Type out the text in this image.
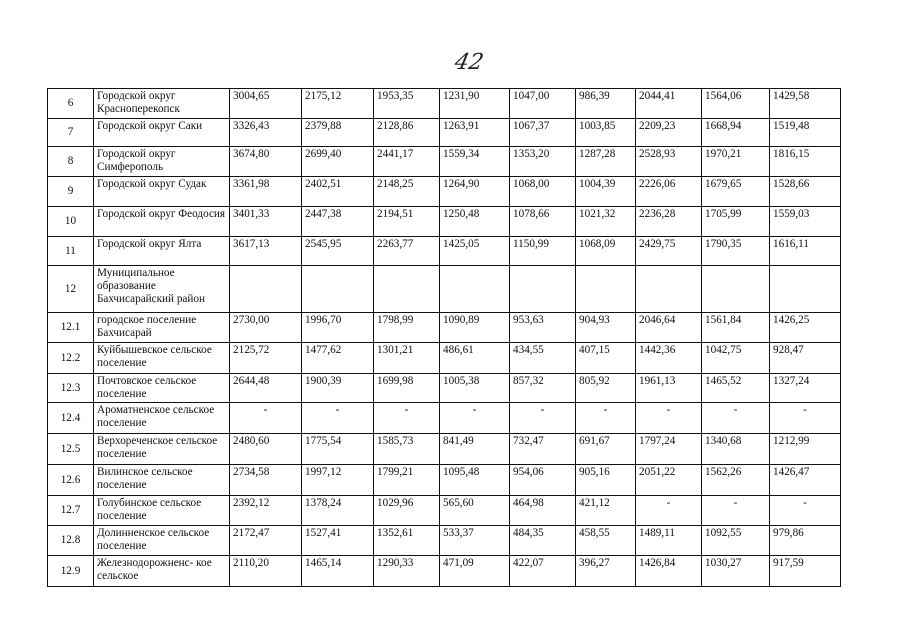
42
6	Городской округ Красноперекопск	3004,65	2175,12	1953,35	1231,90	1047,00	986,39	2044,41	1564,06	1429,58
7	Городской округ Саки	3326,43	2379,88	2128,86	1263,91	1067,37	1003,85	2209,23	1668,94	1519,48
8	Городской округ Симферополь	3674,80	2699,40	2441,17	1559,34	1353,20	1287,28	2528,93	1970,21	1816,15
9	Городской округ Судак	3361,98	2402,51	2148,25	1264,90	1068,00	1004,39	2226,06	1679,65	1528,66
10	Городской округ Феодосия	3401,33	2447,38	2194,51	1250,48	1078,66	1021,32	2236,28	1705,99	1559,03
11	Городской округ Ялта	3617,13	2545,95	2263,77	1425,05	1150,99	1068,09	2429,75	1790,35	1616,11
12	Муниципальное образование Бахчисарайский район									
12.1	городское поселение Бахчисарай	2730,00	1996,70	1798,99	1090,89	953,63	904,93	2046,64	1561,84	1426,25
12.2	Куйбышевское сельское поселение	2125,72	1477,62	1301,21	486,61	434,55	407,15	1442,36	1042,75	928,47
12.3	Почтовское сельское поселение	2644,48	1900,39	1699,98	1005,38	857,32	805,92	1961,13	1465,52	1327,24
12.4	Ароматненское сельское поселение	-	-	-	-	-	-	-	-	-
12.5	Верхореченское сельское поселение	2480,60	1775,54	1585,73	841,49	732,47	691,67	1797,24	1340,68	1212,99
12.6	Вилинское сельское поселение	2734,58	1997,12	1799,21	1095,48	954,06	905,16	2051,22	1562,26	1426,47
12.7	Голубинское сельское поселение	2392,12	1378,24	1029,96	565,60	464,98	421,12	-	-	-
12.8	Долинненское сельское поселение	2172,47	1527,41	1352,61	533,37	484,35	458,55	1489,11	1092,55	979,86
12.9	Железнодорожненс- кое сельское	2110,20	1465,14	1290,33	471,09	422,07	396,27	1426,84	1030,27	917,59
